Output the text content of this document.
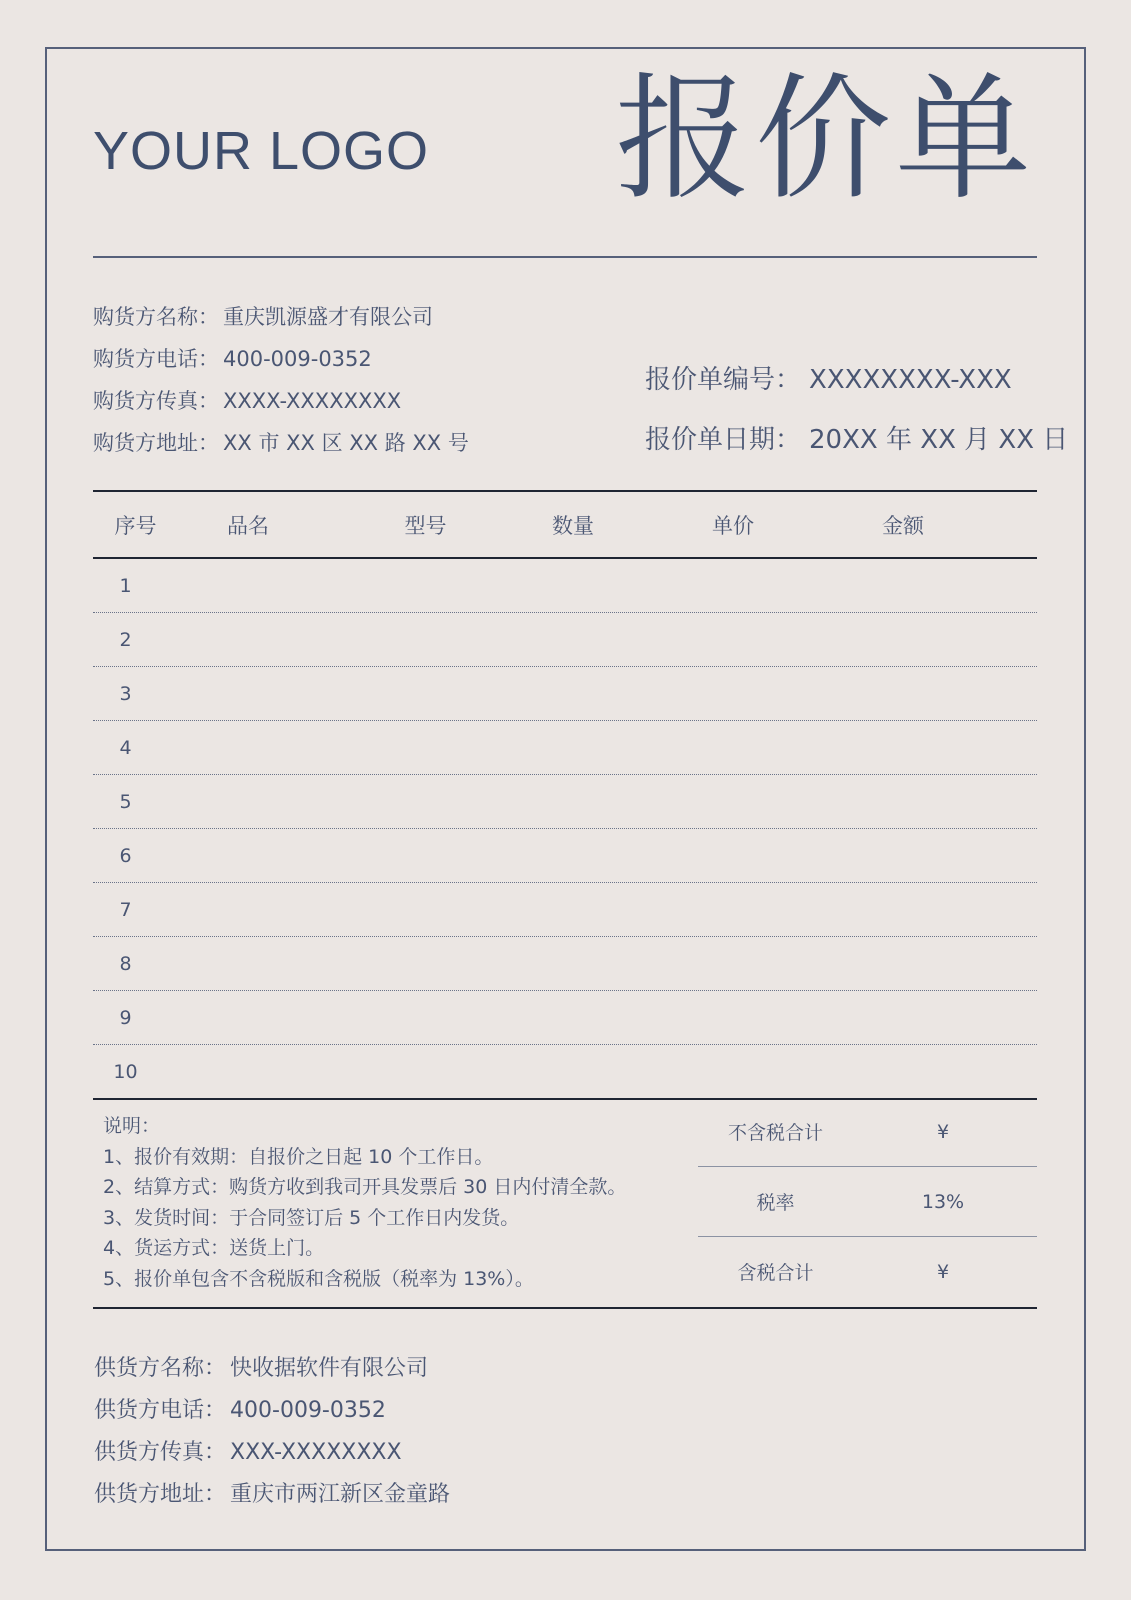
YOUR LOGO 报价单
购货方名称： 重庆凯源盛才有限公司
购货方电话： 400-009-0352
购货方传真： XXXX-XXXXXXXX
购货方地址： XX 市 XX 区 XX 路 XX 号
报价单编号： XXXXXXXX-XXX
报价单日期： 20XX 年 XX 月 XX 日
序号	品名	型号	数量	单价	金额
1
2
3
4
5
6
7
8
9
10
说明：
1、报价有效期：自报价之日起 10 个工作日。
2、结算方式：购货方收到我司开具发票后 30 日内付清全款。
3、发货时间：于合同签订后 5 个工作日内发货。
4、货运方式：送货上门。
5、报价单包含不含税版和含税版（税率为 13%）。
不含税合计	¥
税率	13%
含税合计	¥
供货方名称： 快收据软件有限公司
供货方电话： 400-009-0352
供货方传真： XXX-XXXXXXXX
供货方地址： 重庆市两江新区金童路
